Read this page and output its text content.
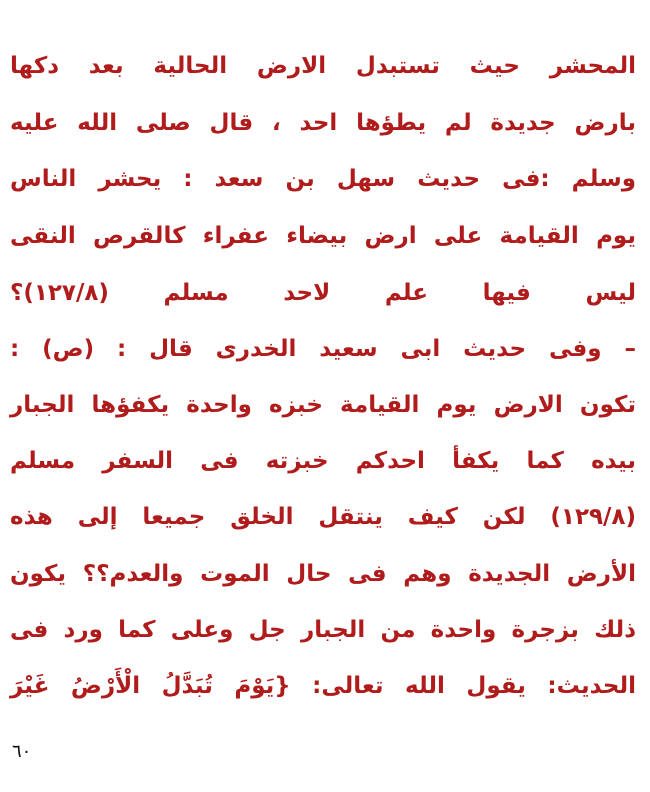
المحشر حيث تستبدل الارض الحالية بعد دكها
بارض جديدة لم يطؤها احد ، قال صلى الله عليه
وسلم :فى حديث سهل بن سعد : يحشر الناس
يوم القيامة على ارض بيضاء عفراء كالقرص النقى
ليس فيها علم لاحد مسلم (١٢٧/٨)؟
– وفى حديث ابى سعيد الخدرى قال : (ص) :
تكون الارض يوم القيامة خبزه واحدة يكفؤها الجبار
بيده كما يكفأ احدكم خبزته فى السفر مسلم
(١٢٩/٨) لكن كيف ينتقل الخلق جميعا إلى هذه
الأرض الجديدة وهم فى حال الموت والعدم؟؟ يكون
ذلك بزجرة واحدة من الجبار جل وعلى كما ورد فى
الحديث: يقول الله تعالى: {يَوْمَ تُبَدَّلُ الْأَرْضُ غَيْرَ
٦٠
